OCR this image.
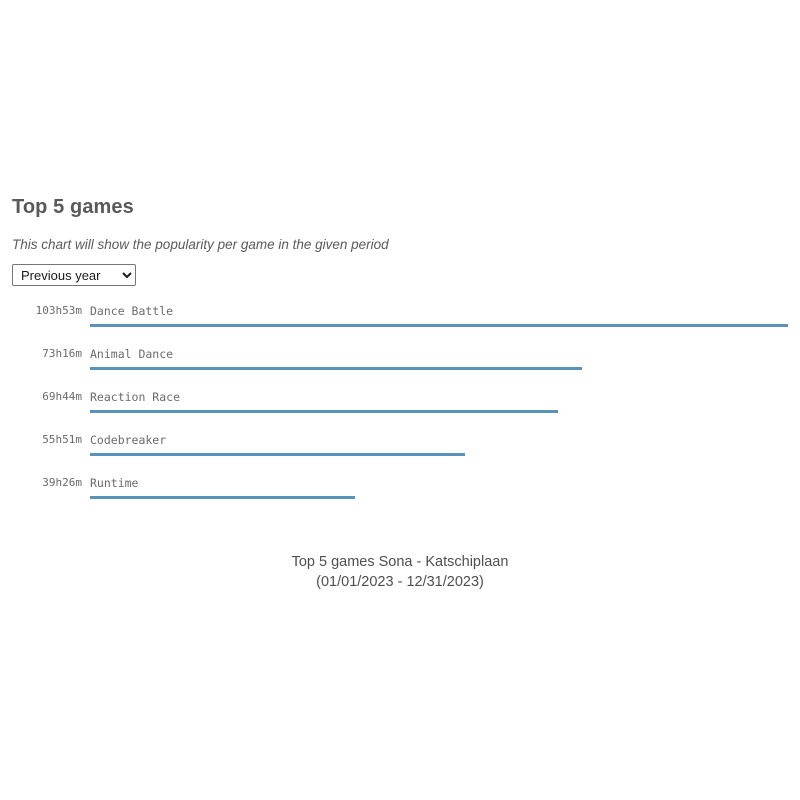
Top 5 games

This chart will show the popularity per game in the given period

Previous year
103h53m Dance Battle
73h16m Animal Dance
69h44m Reaction Race
55h51m Codebreaker
39h26m Runtime
Top 5 games Sona - Katschiplaan
(01/01/2023 - 12/31/2023)
